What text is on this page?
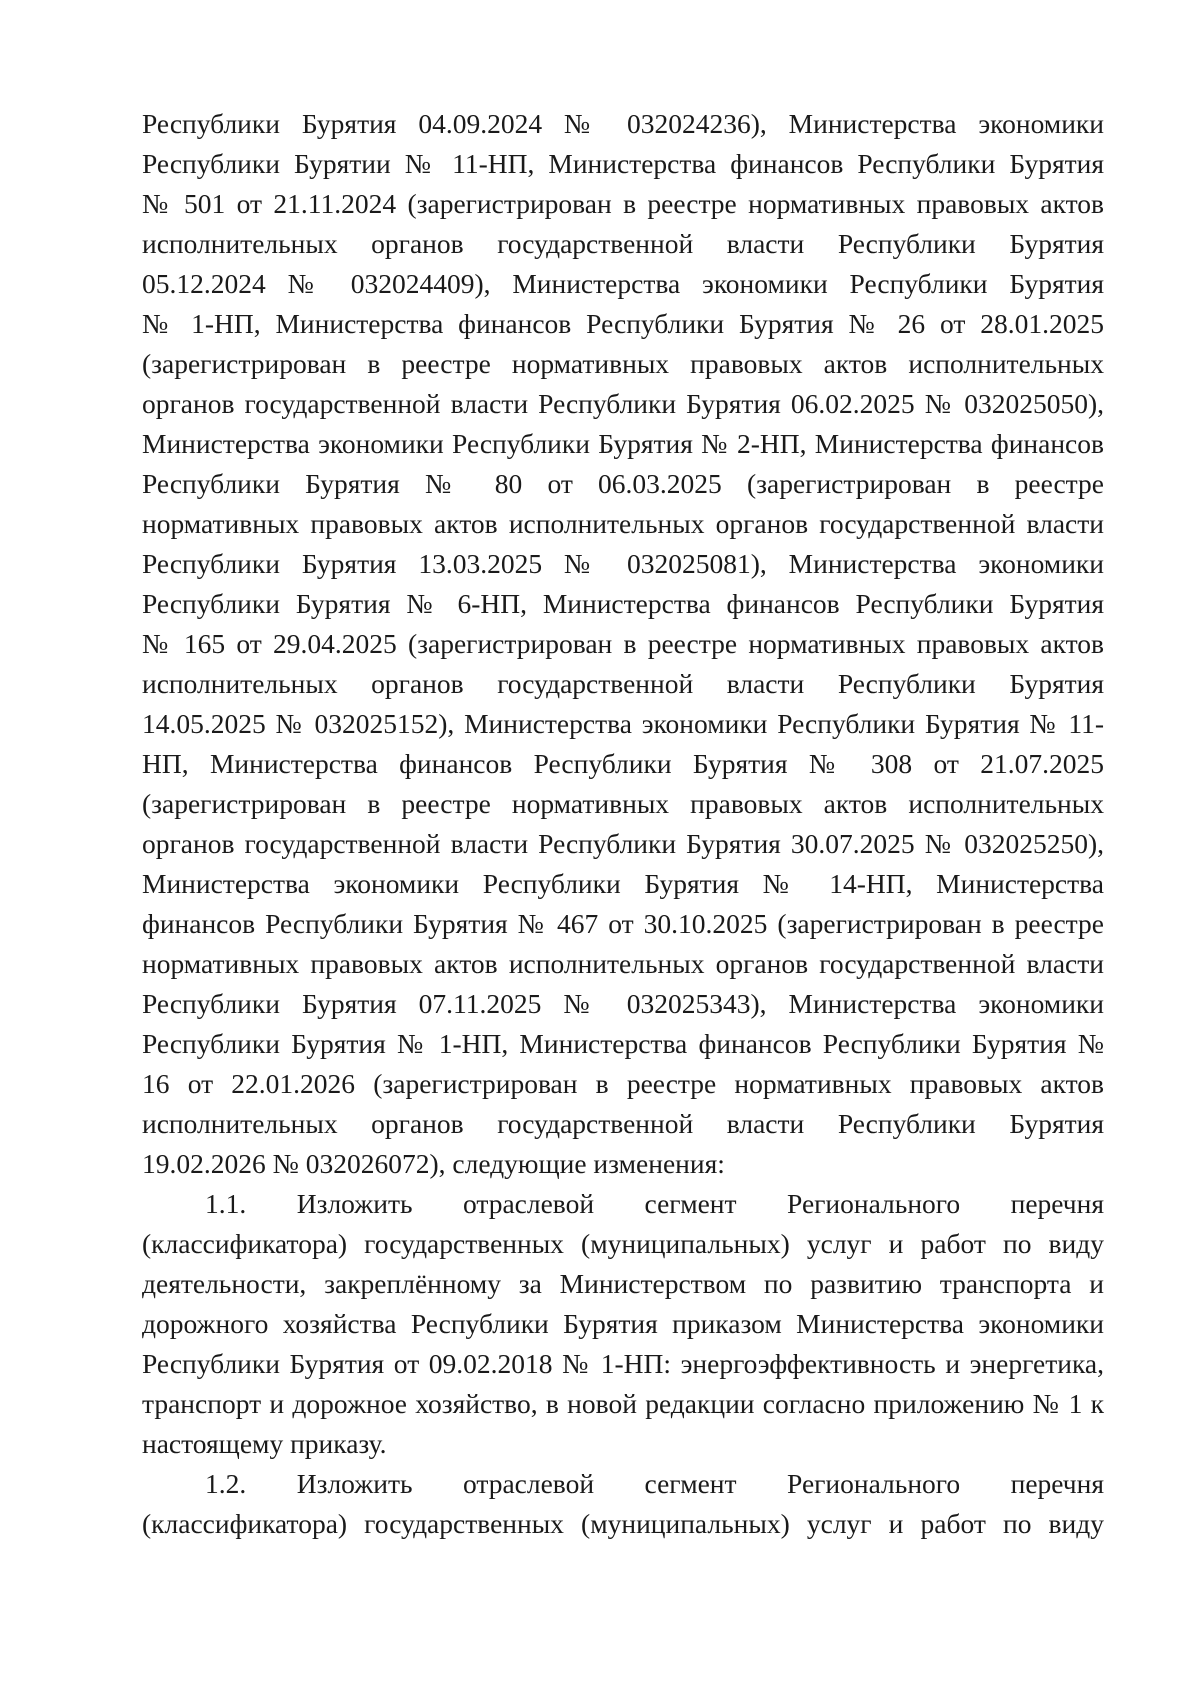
Республики Бурятия 04.09.2024 № 032024236), Министерства экономики
Республики Бурятии № 11-НП, Министерства финансов Республики Бурятия
№ 501 от 21.11.2024 (зарегистрирован в реестре нормативных правовых актов
исполнительных органов государственной власти Республики Бурятия
05.12.2024 № 032024409), Министерства экономики Республики Бурятия
№ 1-НП, Министерства финансов Республики Бурятия № 26 от 28.01.2025
(зарегистрирован в реестре нормативных правовых актов исполнительных
органов государственной власти Республики Бурятия 06.02.2025 № 032025050),
Министерства экономики Республики Бурятия № 2-НП, Министерства финансов
Республики Бурятия № 80 от 06.03.2025 (зарегистрирован в реестре
нормативных правовых актов исполнительных органов государственной власти
Республики Бурятия 13.03.2025 № 032025081), Министерства экономики
Республики Бурятия № 6-НП, Министерства финансов Республики Бурятия
№ 165 от 29.04.2025 (зарегистрирован в реестре нормативных правовых актов
исполнительных органов государственной власти Республики Бурятия
14.05.2025 № 032025152), Министерства экономики Республики Бурятия № 11-
НП, Министерства финансов Республики Бурятия № 308 от 21.07.2025
(зарегистрирован в реестре нормативных правовых актов исполнительных
органов государственной власти Республики Бурятия 30.07.2025 № 032025250),
Министерства экономики Республики Бурятия № 14-НП, Министерства
финансов Республики Бурятия № 467 от 30.10.2025 (зарегистрирован в реестре
нормативных правовых актов исполнительных органов государственной власти
Республики Бурятия 07.11.2025 № 032025343), Министерства экономики
Республики Бурятия № 1-НП, Министерства финансов Республики Бурятия №
16 от 22.01.2026 (зарегистрирован в реестре нормативных правовых актов
исполнительных органов государственной власти Республики Бурятия
19.02.2026 № 032026072), следующие изменения:
1.1. Изложить отраслевой сегмент Регионального перечня
(классификатора) государственных (муниципальных) услуг и работ по виду
деятельности, закреплённому за Министерством по развитию транспорта и
дорожного хозяйства Республики Бурятия приказом Министерства экономики
Республики Бурятия от 09.02.2018 № 1-НП: энергоэффективность и энергетика,
транспорт и дорожное хозяйство, в новой редакции согласно приложению № 1 к
настоящему приказу.
1.2. Изложить отраслевой сегмент Регионального перечня
(классификатора) государственных (муниципальных) услуг и работ по виду
